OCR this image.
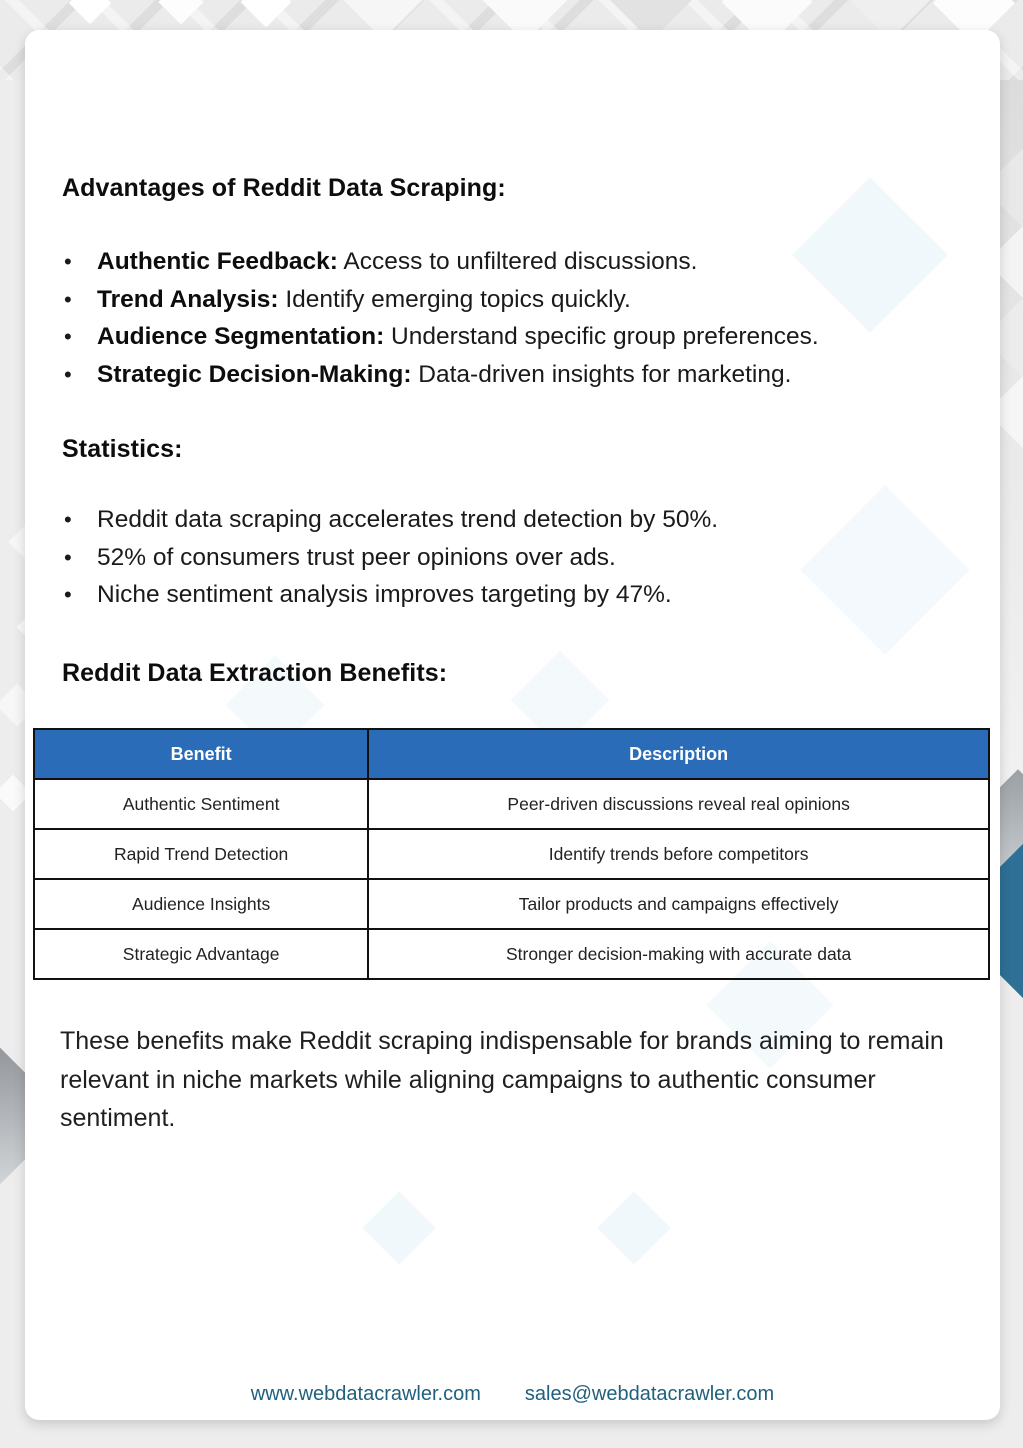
Advantages of Reddit Data Scraping:
•
Authentic Feedback: Access to unfiltered discussions.
•
Trend Analysis: Identify emerging topics quickly.
•
Audience Segmentation: Understand specific group preferences.
•
Strategic Decision-Making: Data-driven insights for marketing.
Statistics:
•
Reddit data scraping accelerates trend detection by 50%.
•
52% of consumers trust peer opinions over ads.
•
Niche sentiment analysis improves targeting by 47%.
Reddit Data Extraction Benefits:
Benefit	Description
Authentic Sentiment	Peer-driven discussions reveal real opinions
Rapid Trend Detection	Identify trends before competitors
Audience Insights	Tailor products and campaigns effectively
Strategic Advantage	Stronger decision-making with accurate data
These benefits make Reddit scraping indispensable for brands aiming to remain relevant in niche markets while aligning campaigns to authentic consumer sentiment.
www.webdatacrawler.com sales@webdatacrawler.com
